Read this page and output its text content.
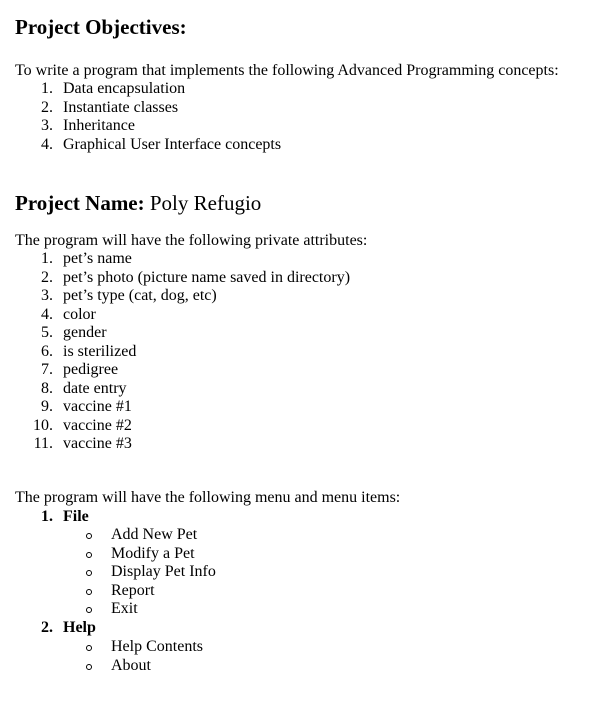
Project Objectives:
To write a program that implements the following Advanced Programming concepts:
1. Data encapsulation
2. Instantiate classes
3. Inheritance
4. Graphical User Interface concepts
Project Name: Poly Refugio
The program will have the following private attributes:
1. pet’s name
2. pet’s photo (picture name saved in directory)
3. pet’s type (cat, dog, etc)
4. color
5. gender
6. is sterilized
7. pedigree
8. date entry
9. vaccine #1
10. vaccine #2
11. vaccine #3
The program will have the following menu and menu items:
1. File
Add New Pet
Modify a Pet
Display Pet Info
Report
Exit
2. Help
Help Contents
About
